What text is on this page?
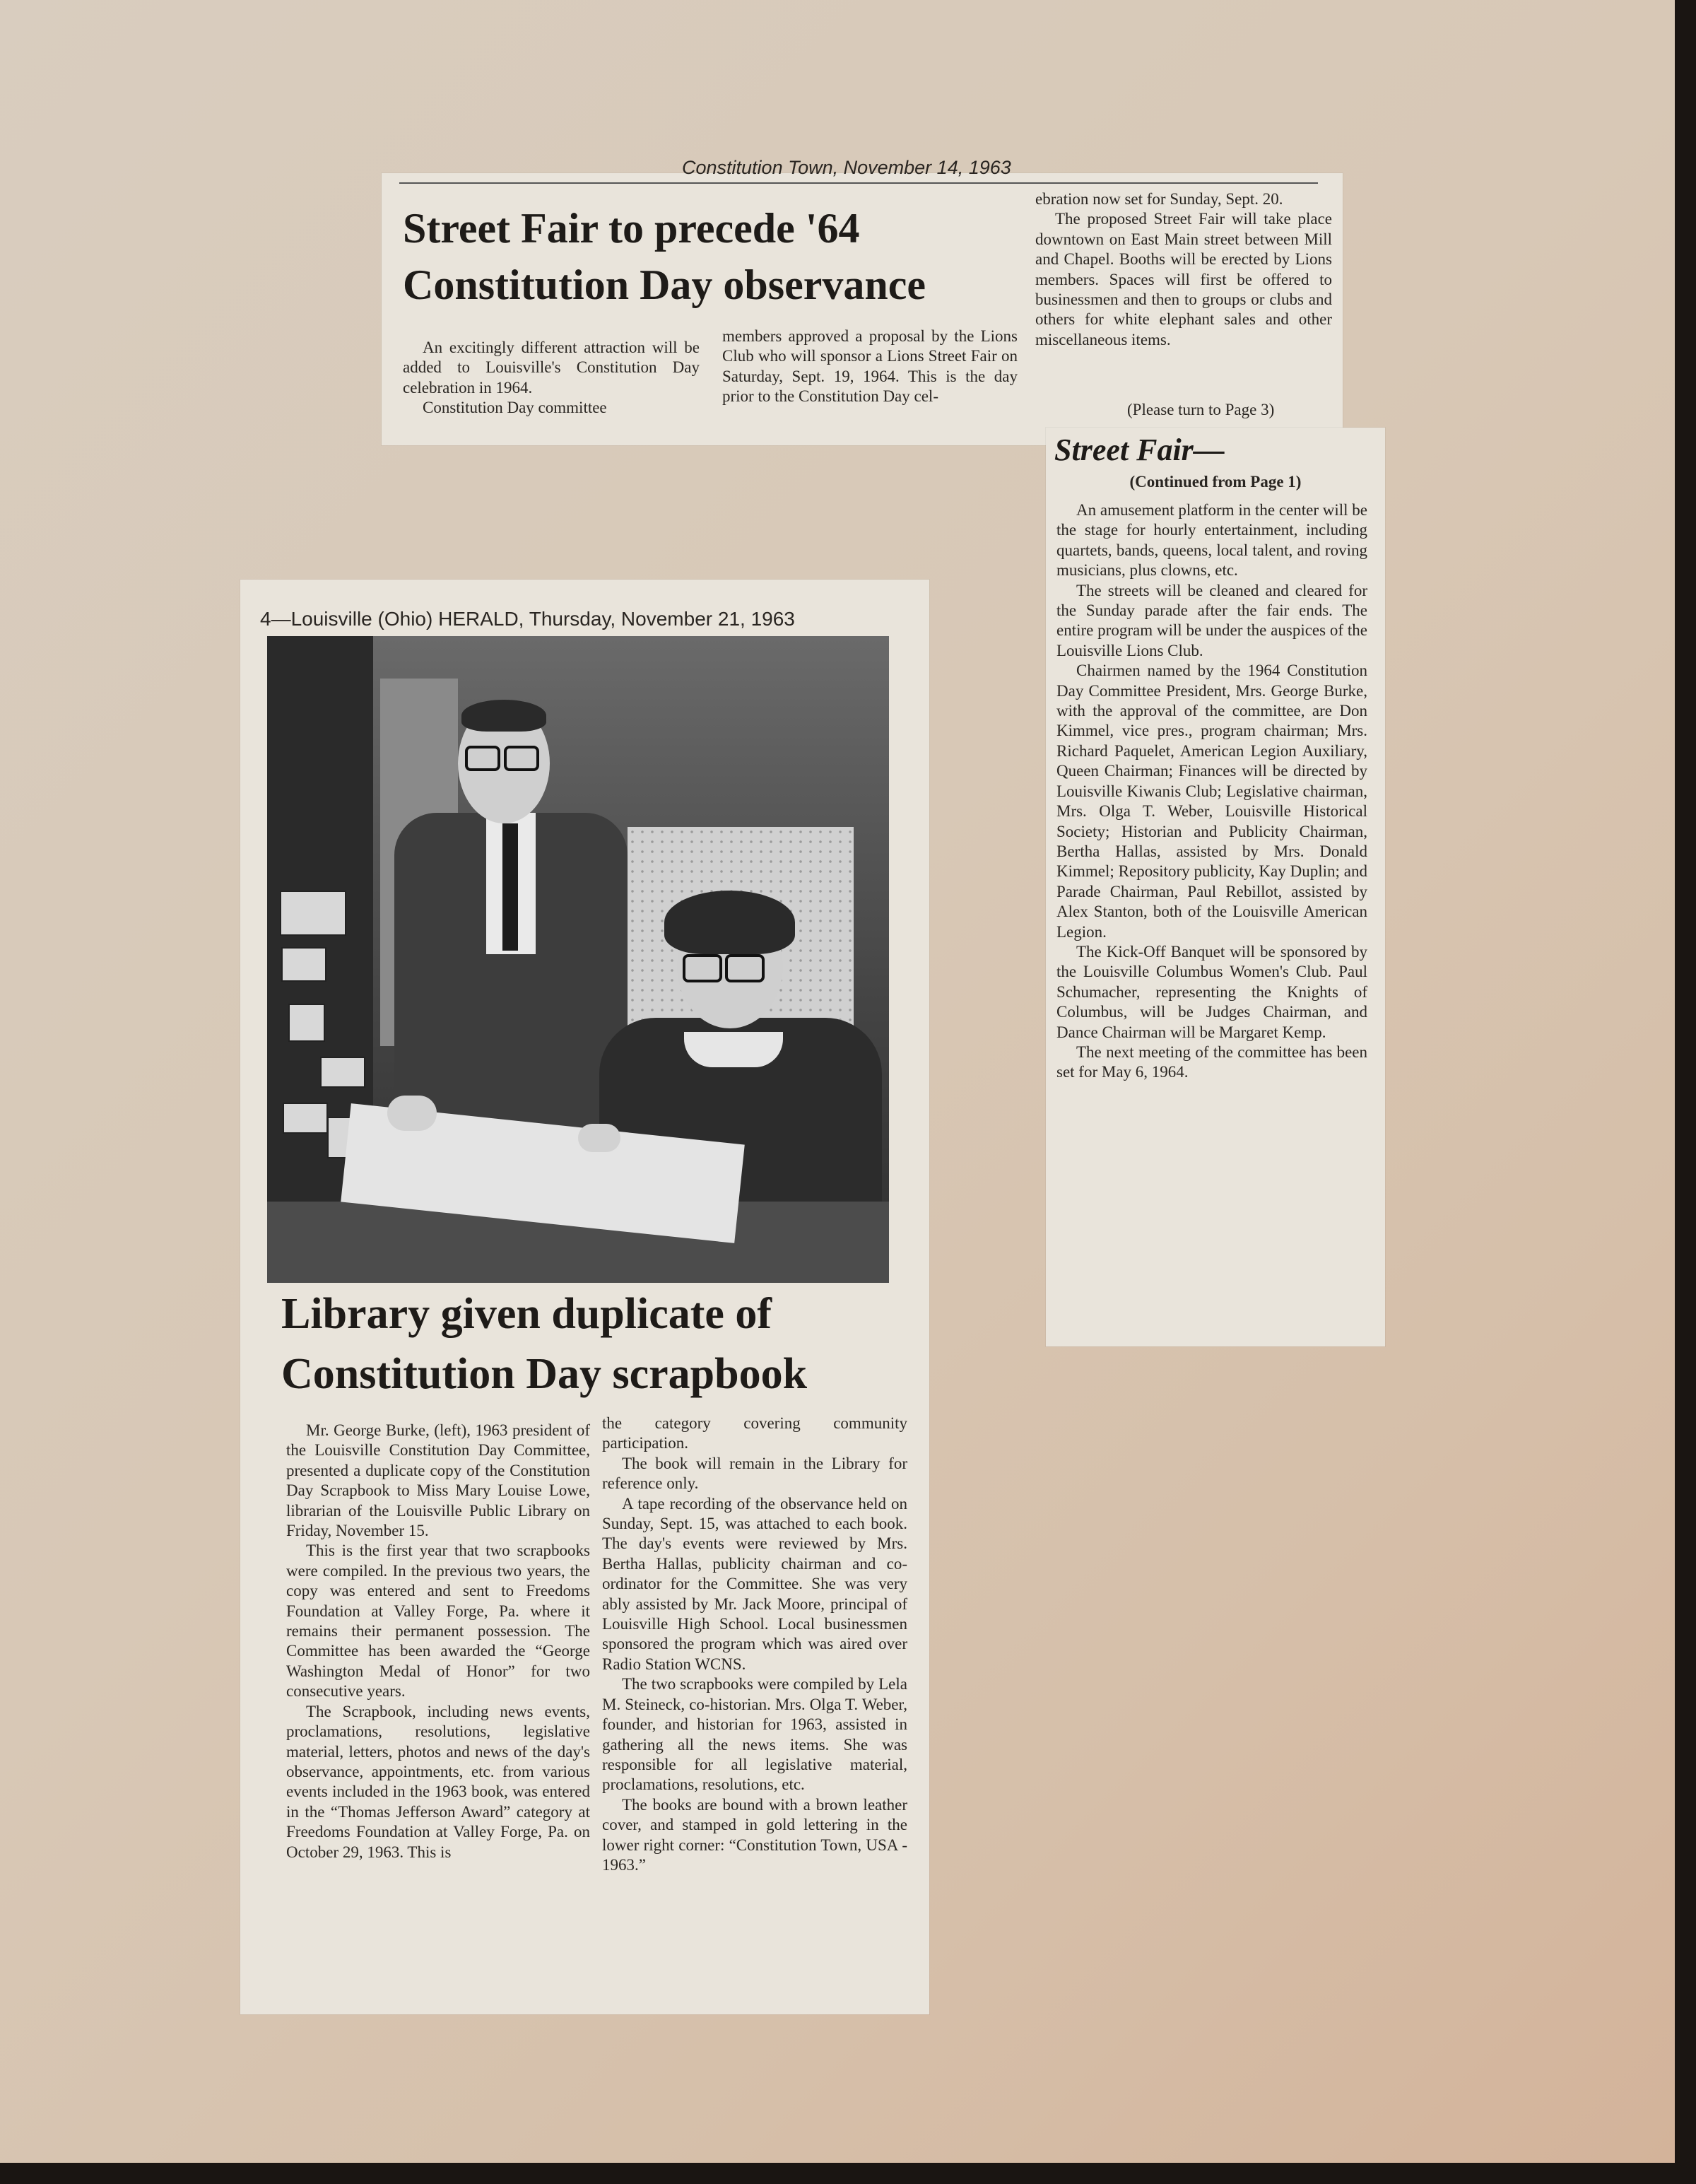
Constitution Town, November 14, 1963
Street Fair to precede '64
Constitution Day observance

An excitingly different attraction will be added to Louisville's Constitution Day celebration in 1964.

Constitution Day committee

members approved a proposal by the Lions Club who will sponsor a Lions Street Fair on Saturday, Sept. 19, 1964. This is the day prior to the Constitution Day cel-

ebration now set for Sunday, Sept. 20.

The proposed Street Fair will take place downtown on East Main street between Mill and Chapel. Booths will be erected by Lions members. Spaces will first be offered to businessmen and then to groups or clubs and others for white elephant sales and other miscellaneous items.

(Please turn to Page 3)
Street Fair—
(Continued from Page 1)

An amusement platform in the center will be the stage for hourly entertainment, including quartets, bands, queens, local talent, and roving musicians, plus clowns, etc.

The streets will be cleaned and cleared for the Sunday parade after the fair ends. The entire program will be under the auspices of the Louisville Lions Club.

Chairmen named by the 1964 Constitution Day Committee President, Mrs. George Burke, with the approval of the committee, are Don Kimmel, vice pres., program chairman; Mrs. Richard Paquelet, American Legion Auxiliary, Queen Chairman; Finances will be directed by Louisville Kiwanis Club; Legislative chairman, Mrs. Olga T. Weber, Louisville Historical Society; Historian and Publicity Chairman, Bertha Hallas, assisted by Mrs. Donald Kimmel; Repository publicity, Kay Duplin; and Parade Chairman, Paul Rebillot, assisted by Alex Stanton, both of the Louisville American Legion.

The Kick-Off Banquet will be sponsored by the Louisville Columbus Women's Club. Paul Schumacher, representing the Knights of Columbus, will be Judges Chairman, and Dance Chairman will be Margaret Kemp.

The next meeting of the committee has been set for May 6, 1964.

4—Louisville (Ohio) HERALD, Thursday, November 21, 1963
Library given duplicate of
Constitution Day scrapbook

Mr. George Burke, (left), 1963 president of the Louisville Constitution Day Committee, presented a duplicate copy of the Constitution Day Scrapbook to Miss Mary Louise Lowe, librarian of the Louisville Public Library on Friday, November 15.

This is the first year that two scrapbooks were compiled. In the previous two years, the copy was entered and sent to Freedoms Foundation at Valley Forge, Pa. where it remains their permanent possession. The Committee has been awarded the “George Washington Medal of Honor” for two consecutive years.

The Scrapbook, including news events, proclamations, resolutions, legislative material, letters, photos and news of the day's observance, appointments, etc. from various events included in the 1963 book, was entered in the “Thomas Jefferson Award” category at Freedoms Foundation at Valley Forge, Pa. on October 29, 1963. This is

the category covering community participation.

The book will remain in the Library for reference only.

A tape recording of the observance held on Sunday, Sept. 15, was attached to each book. The day's events were reviewed by Mrs. Bertha Hallas, publicity chairman and co-ordinator for the Committee. She was very ably assisted by Mr. Jack Moore, principal of Louisville High School. Local businessmen sponsored the program which was aired over Radio Station WCNS.

The two scrapbooks were compiled by Lela M. Steineck, co-historian. Mrs. Olga T. Weber, founder, and historian for 1963, assisted in gathering all the news items. She was responsible for all legislative material, proclamations, resolutions, etc.

The books are bound with a brown leather cover, and stamped in gold lettering in the lower right corner: “Constitution Town, USA - 1963.”
